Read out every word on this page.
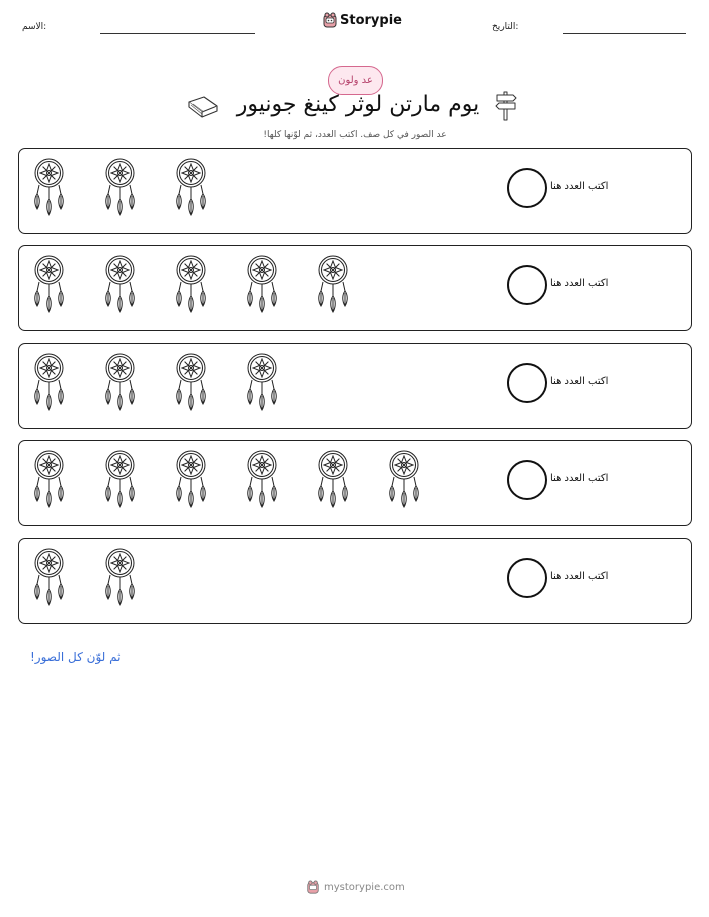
الاسم:	Storypie	التاريخ:
عد ولون
يوم مارتن لوثر كينغ جونيور
عد الصور في كل صف. اكتب العدد، ثم لوّنها كلها!
اكتب العدد هنا
اكتب العدد هنا
اكتب العدد هنا
اكتب العدد هنا
اكتب العدد هنا
ثم لوّن كل الصور!
mystorypie.com
